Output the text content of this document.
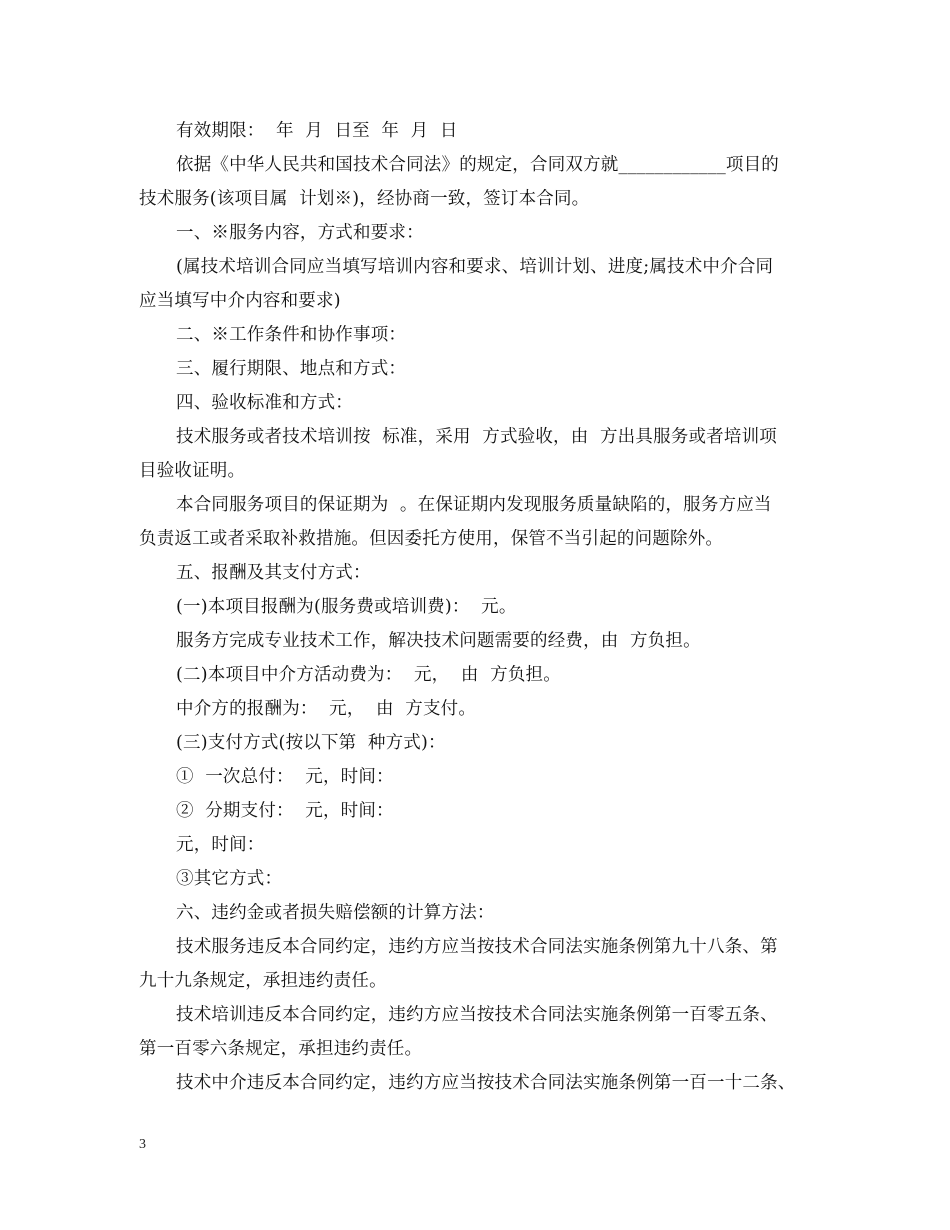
有效期限：  年  月  日至  年  月  日
依据《中华人民共和国技术合同法》的规定，合同双方就____________项目的
技术服务(该项目属  计划※)，经协商一致，签订本合同。
一、※服务内容，方式和要求：
(属技术培训合同应当填写培训内容和要求、培训计划、进度;属技术中介合同
应当填写中介内容和要求)
二、※工作条件和协作事项：
三、履行期限、地点和方式：
四、验收标准和方式：
技术服务或者技术培训按  标准，采用  方式验收，由  方出具服务或者培训项
目验收证明。
本合同服务项目的保证期为  。在保证期内发现服务质量缺陷的，服务方应当
负责返工或者采取补救措施。但因委托方使用，保管不当引起的问题除外。
五、报酬及其支付方式：
(一)本项目报酬为(服务费或培训费)：  元。
服务方完成专业技术工作，解决技术问题需要的经费，由  方负担。
(二)本项目中介方活动费为：  元，  由  方负担。
中介方的报酬为：  元，  由  方支付。
(三)支付方式(按以下第  种方式)：
①  一次总付：  元，时间：
②  分期支付：  元，时间：
元，时间：
③其它方式：
六、违约金或者损失赔偿额的计算方法：
技术服务违反本合同约定，违约方应当按技术合同法实施条例第九十八条、第
九十九条规定，承担违约责任。
技术培训违反本合同约定，违约方应当按技术合同法实施条例第一百零五条、
第一百零六条规定，承担违约责任。
技术中介违反本合同约定，违约方应当按技术合同法实施条例第一百一十二条、
3
